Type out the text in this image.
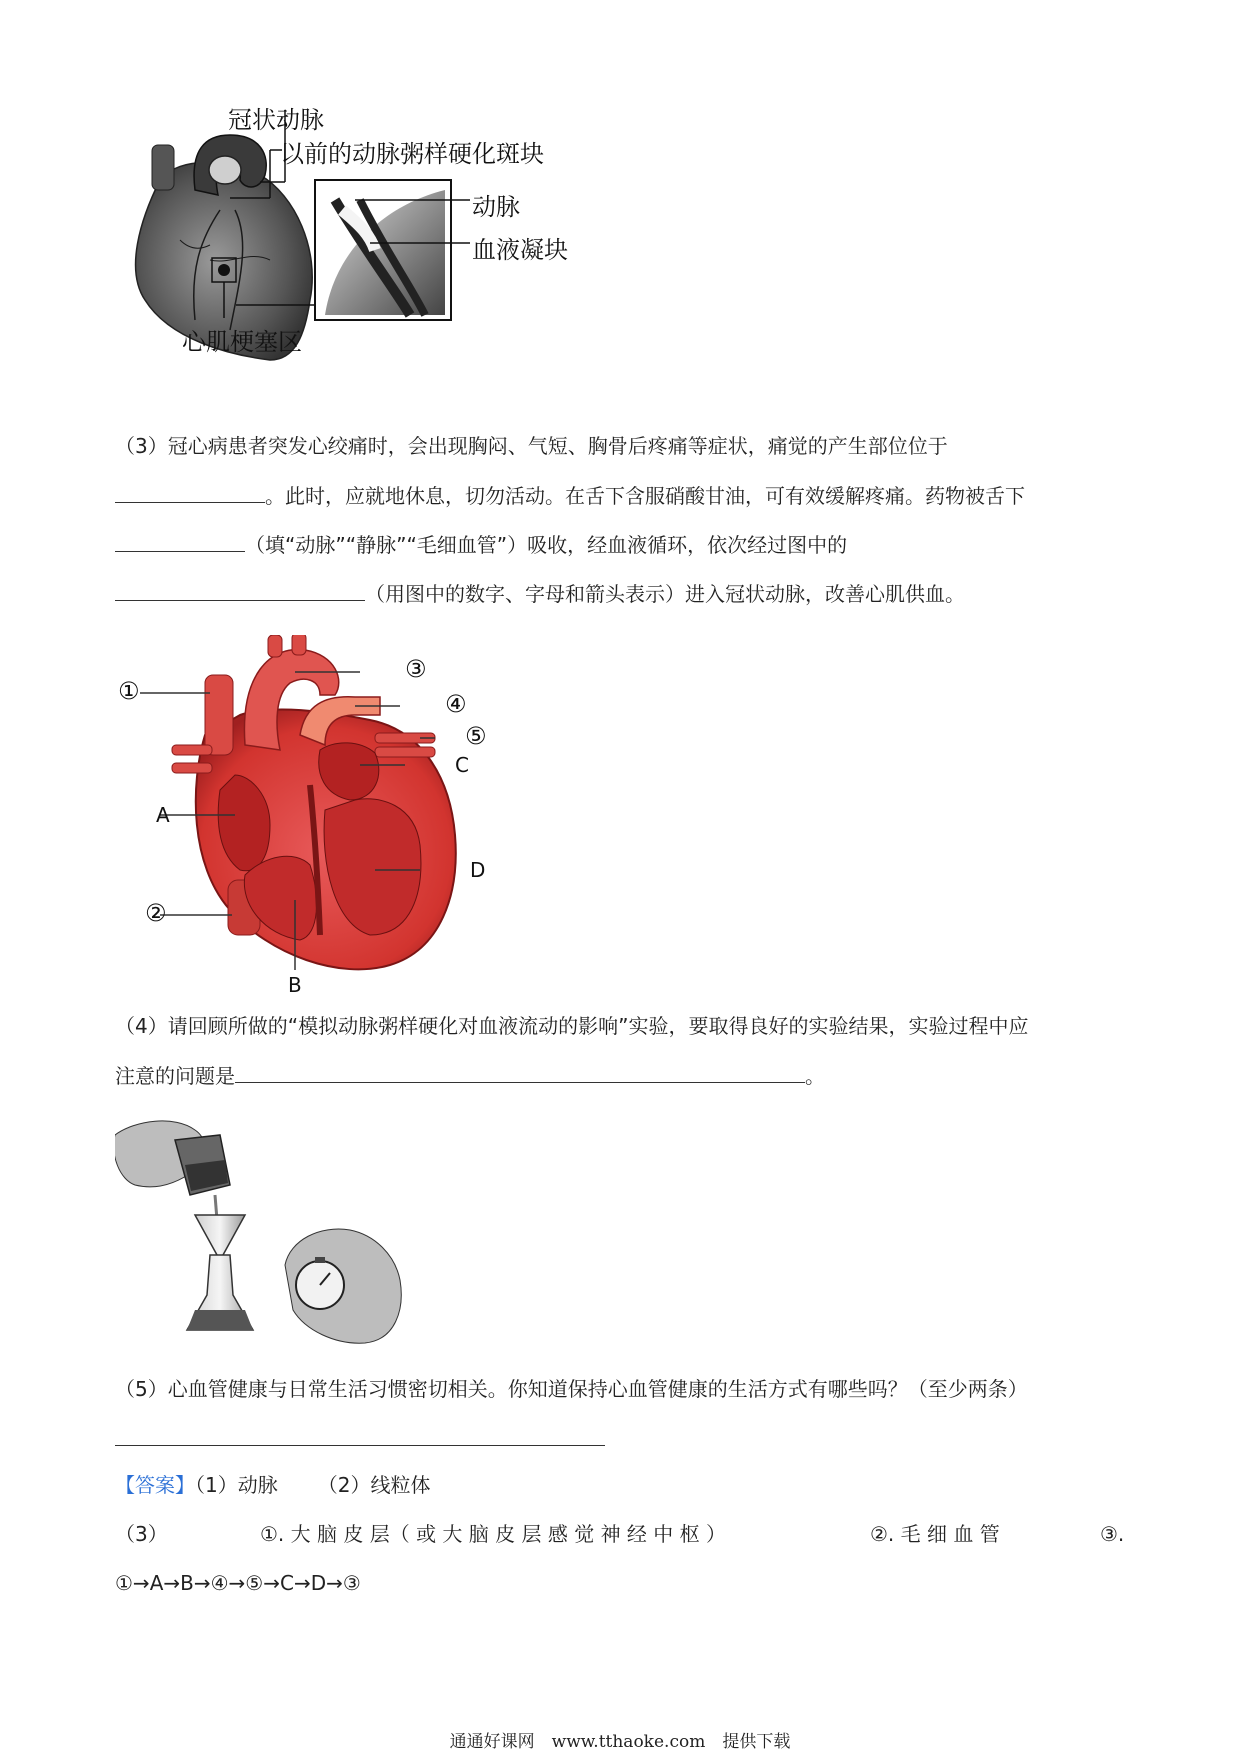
冠状动脉
以前的动脉粥样硬化斑块
动脉
血液凝块
心肌梗塞区
（3）冠心病患者突发心绞痛时，会出现胸闷、气短、胸骨后疼痛等症状，痛觉的产生部位位于
。此时，应就地休息，切勿活动。在舌下含服硝酸甘油，可有效缓解疼痛。药物被舌下
（填“动脉”“静脉”“毛细血管”）吸收，经血液循环，依次经过图中的
（用图中的数字、字母和箭头表示）进入冠状动脉，改善心肌供血。
①
③
④
⑤
C
A
D
②
B
（4）请回顾所做的“模拟动脉粥样硬化对血液流动的影响”实验，要取得良好的实验结果，实验过程中应
注意的问题是	。
（5）心血管健康与日常生活习惯密切相关。你知道保持心血管健康的生活方式有哪些吗？（至少两条）
【答案】（1）动脉 （2）线粒体
（3）	①. 大 脑 皮 层（ 或 大 脑 皮 层 感 觉 神 经 中 枢 ）	②. 毛 细 血 管	③.
①→A→B→④→⑤→C→D→③
通通好课网　www.tthaoke.com　提供下载
